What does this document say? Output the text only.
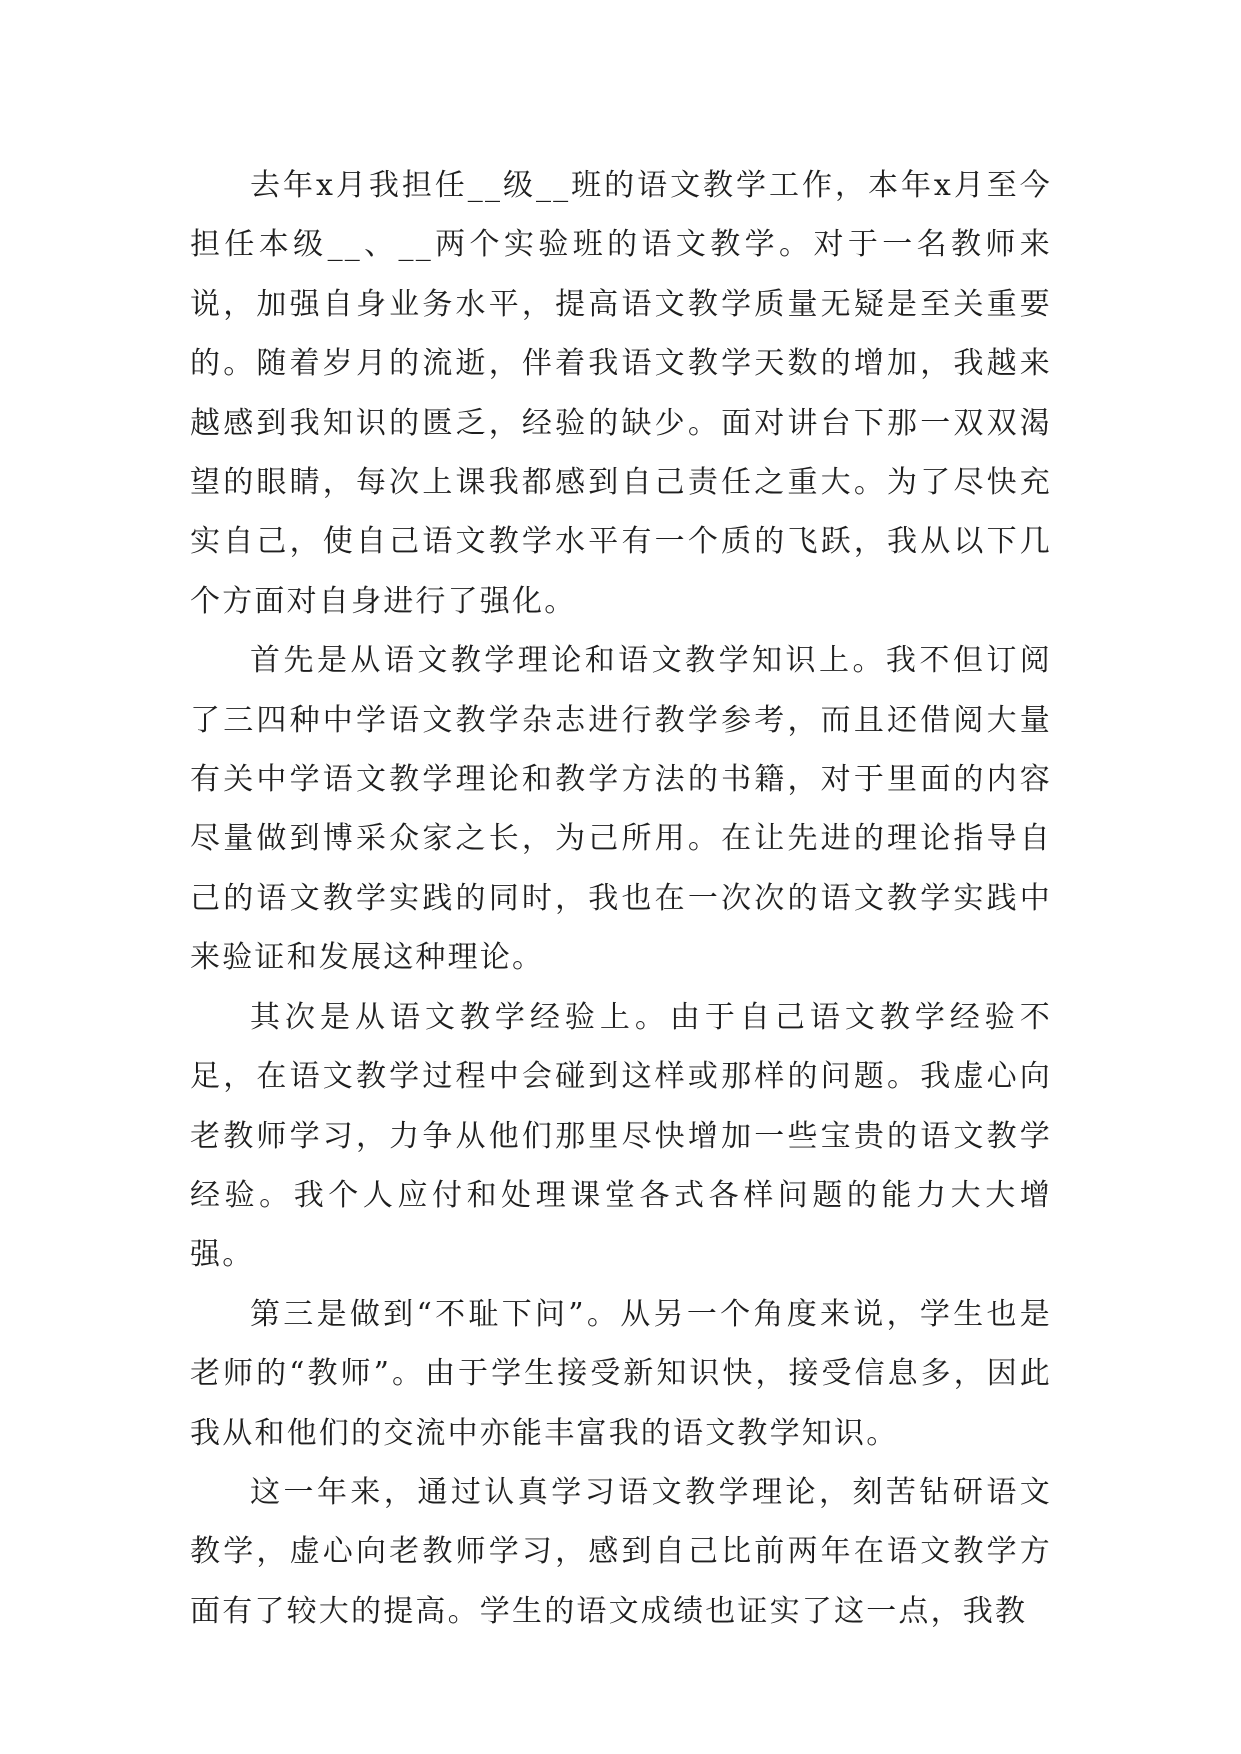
去年x月我担任__级__班的语文教学工作，本年x月至今担任本级__、__两个实验班的语文教学。对于一名教师来说，加强自身业务水平，提高语文教学质量无疑是至关重要的。随着岁月的流逝，伴着我语文教学天数的增加，我越来越感到我知识的匮乏，经验的缺少。面对讲台下那一双双渴望的眼睛，每次上课我都感到自己责任之重大。为了尽快充实自己，使自己语文教学水平有一个质的飞跃，我从以下几个方面对自身进行了强化。

首先是从语文教学理论和语文教学知识上。我不但订阅了三四种中学语文教学杂志进行教学参考，而且还借阅大量有关中学语文教学理论和教学方法的书籍，对于里面的内容尽量做到博采众家之长，为己所用。在让先进的理论指导自己的语文教学实践的同时，我也在一次次的语文教学实践中来验证和发展这种理论。

其次是从语文教学经验上。由于自己语文教学经验不足，在语文教学过程中会碰到这样或那样的问题。我虚心向老教师学习，力争从他们那里尽快增加一些宝贵的语文教学经验。我个人应付和处理课堂各式各样问题的能力大大增强。

第三是做到“不耻下问”。从另一个角度来说，学生也是老师的“教师”。由于学生接受新知识快，接受信息多，因此我从和他们的交流中亦能丰富我的语文教学知识。

这一年来，通过认真学习语文教学理论，刻苦钻研语文教学，虚心向老教师学习，感到自己比前两年在语文教学方面有了较大的提高。学生的语文成绩也证实了这一点，我教
